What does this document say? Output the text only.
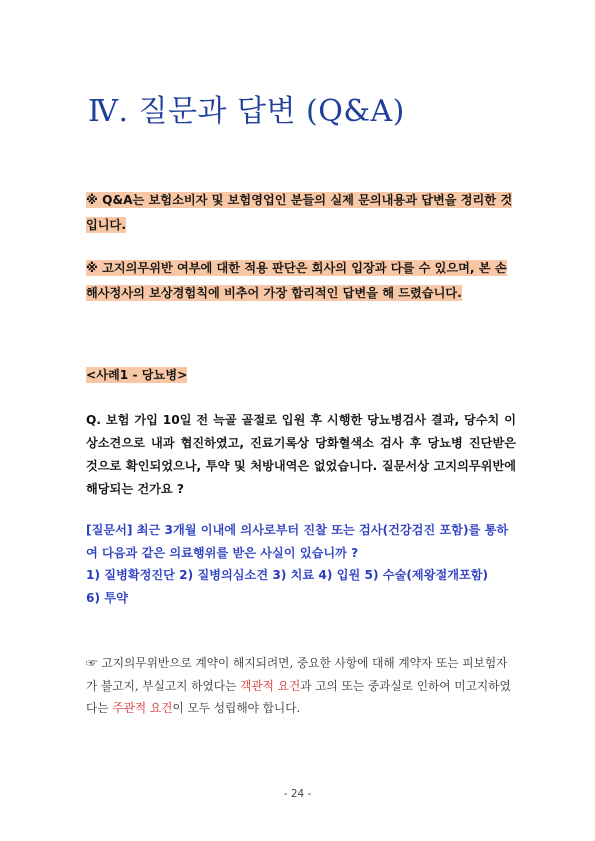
Ⅳ. 질문과 답변 (Q&A)
※ Q&A는 보험소비자 및 보험영업인 분들의 실제 문의내용과 답변을 정리한 것입니다.
※ 고지의무위반 여부에 대한 적용 판단은 회사의 입장과 다를 수 있으며, 본 손해사정사의 보상경험칙에 비추어 가장 합리적인 답변을 해 드렸습니다.
<사례1 - 당뇨병>

Q. 보험 가입 10일 전 늑골 골절로 입원 후 시행한 당뇨병검사 결과, 당수치 이상소견으로 내과 협진하였고, 진료기록상 당화혈색소 검사 후 당뇨병 진단받은 것으로 확인되었으나, 투약 및 처방내역은 없었습니다. 질문서상 고지의무위반에 해당되는 건가요 ?

[질문서] 최근 3개월 이내에 의사로부터 진찰 또는 검사(건강검진 포함)를 통하여 다음과 같은 의료행위를 받은 사실이 있습니까 ?

1) 질병확정진단 2) 질병의심소견 3) 치료 4) 입원 5) 수술(제왕절개포함)

6) 투약

☞ 고지의무위반으로 계약이 해지되려면, 중요한 사항에 대해 계약자 또는 피보험자가 불고지, 부실고지 하였다는 객관적 요건과 고의 또는 중과실로 인하여 미고지하였다는 주관적 요건이 모두 성립해야 합니다.
- 24 -
